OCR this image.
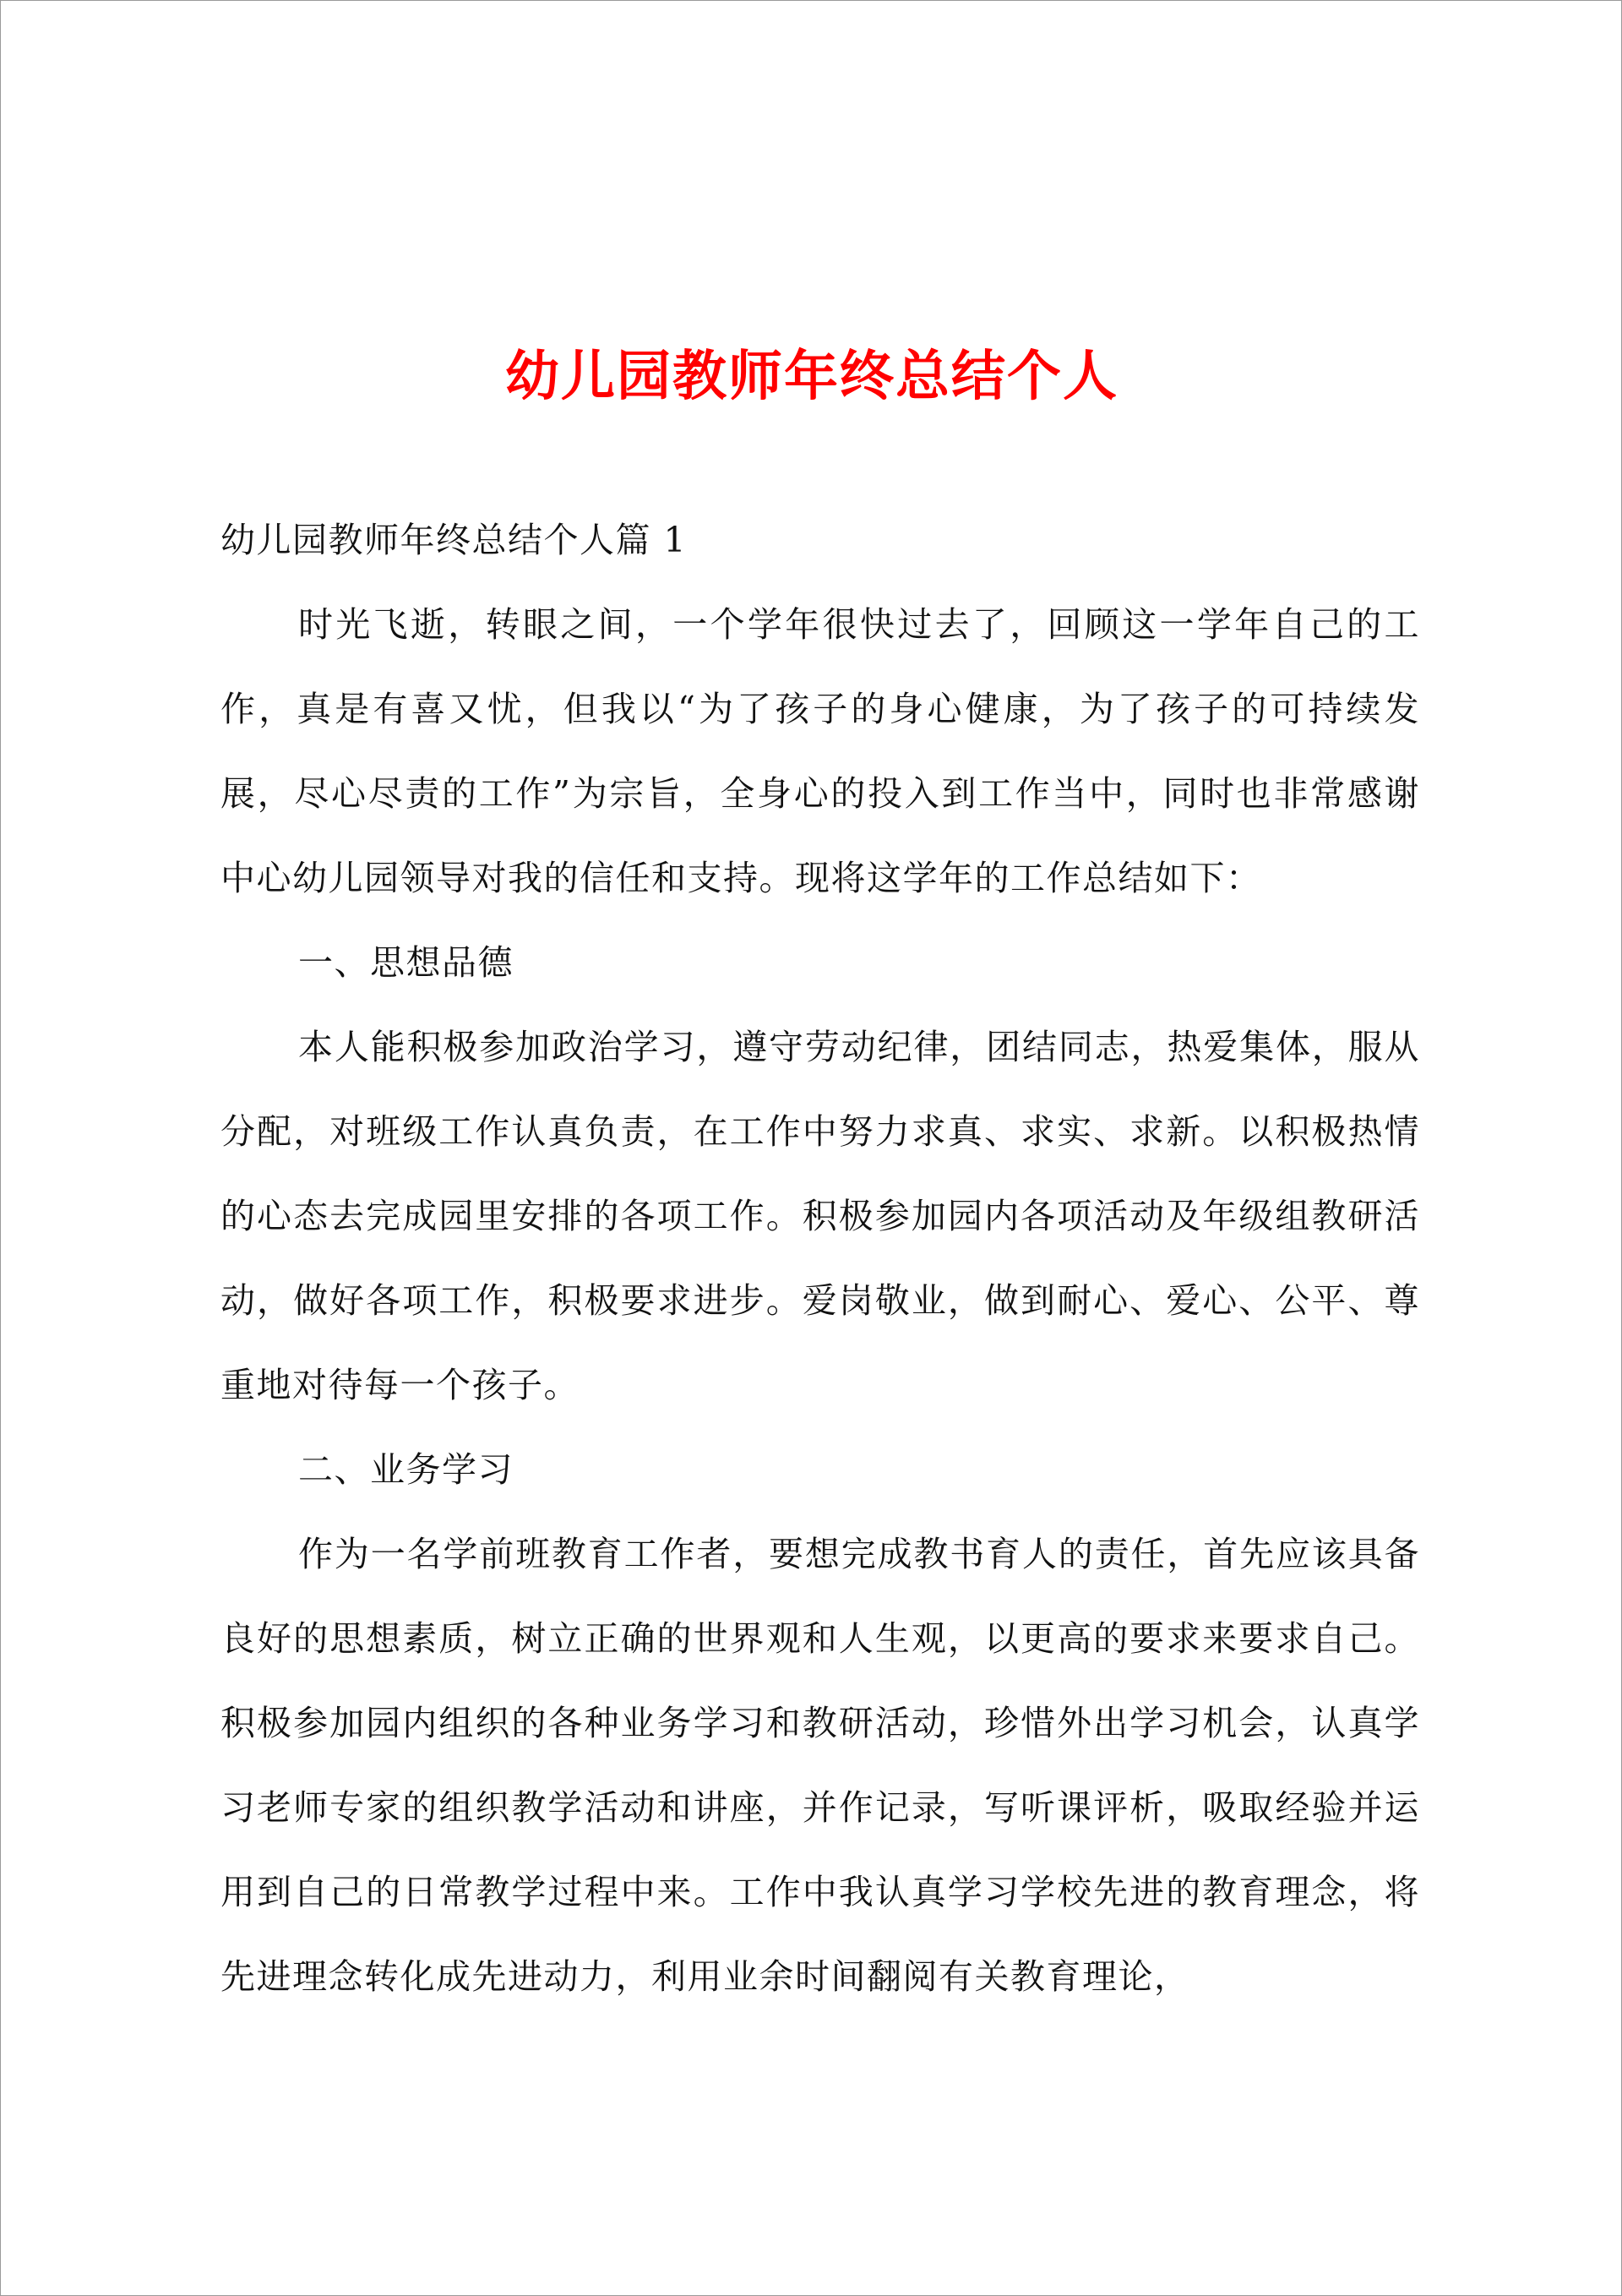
幼儿园教师年终总结个人

幼儿园教师年终总结个人篇 1

时光飞逝，转眼之间，一个学年很快过去了，回顾这一学年自己的工作，真是有喜又忧，但我以“为了孩子的身心健康，为了孩子的可持续发展，尽心尽责的工作”为宗旨，全身心的投入到工作当中，同时也非常感谢中心幼儿园领导对我的信任和支持。现将这学年的工作总结如下：

一、思想品德

本人能积极参加政治学习，遵守劳动纪律，团结同志，热爱集体，服从分配，对班级工作认真负责，在工作中努力求真、求实、求新。以积极热情的心态去完成园里安排的各项工作。积极参加园内各项活动及年级组教研活动，做好各项工作，积极要求进步。爱岗敬业，做到耐心、爱心、公平、尊重地对待每一个孩子。

二、业务学习

作为一名学前班教育工作者，要想完成教书育人的责任，首先应该具备良好的思想素质，树立正确的世界观和人生观，以更高的要求来要求自己。积极参加园内组织的各种业务学习和教研活动，珍惜外出学习机会，认真学习老师专家的组织教学活动和讲座，并作记录，写听课评析，吸取经验并运用到自己的日常教学过程中来。工作中我认真学习学校先进的教育理念，将先进理念转化成先进动力，利用业余时间翻阅有关教育理论，
